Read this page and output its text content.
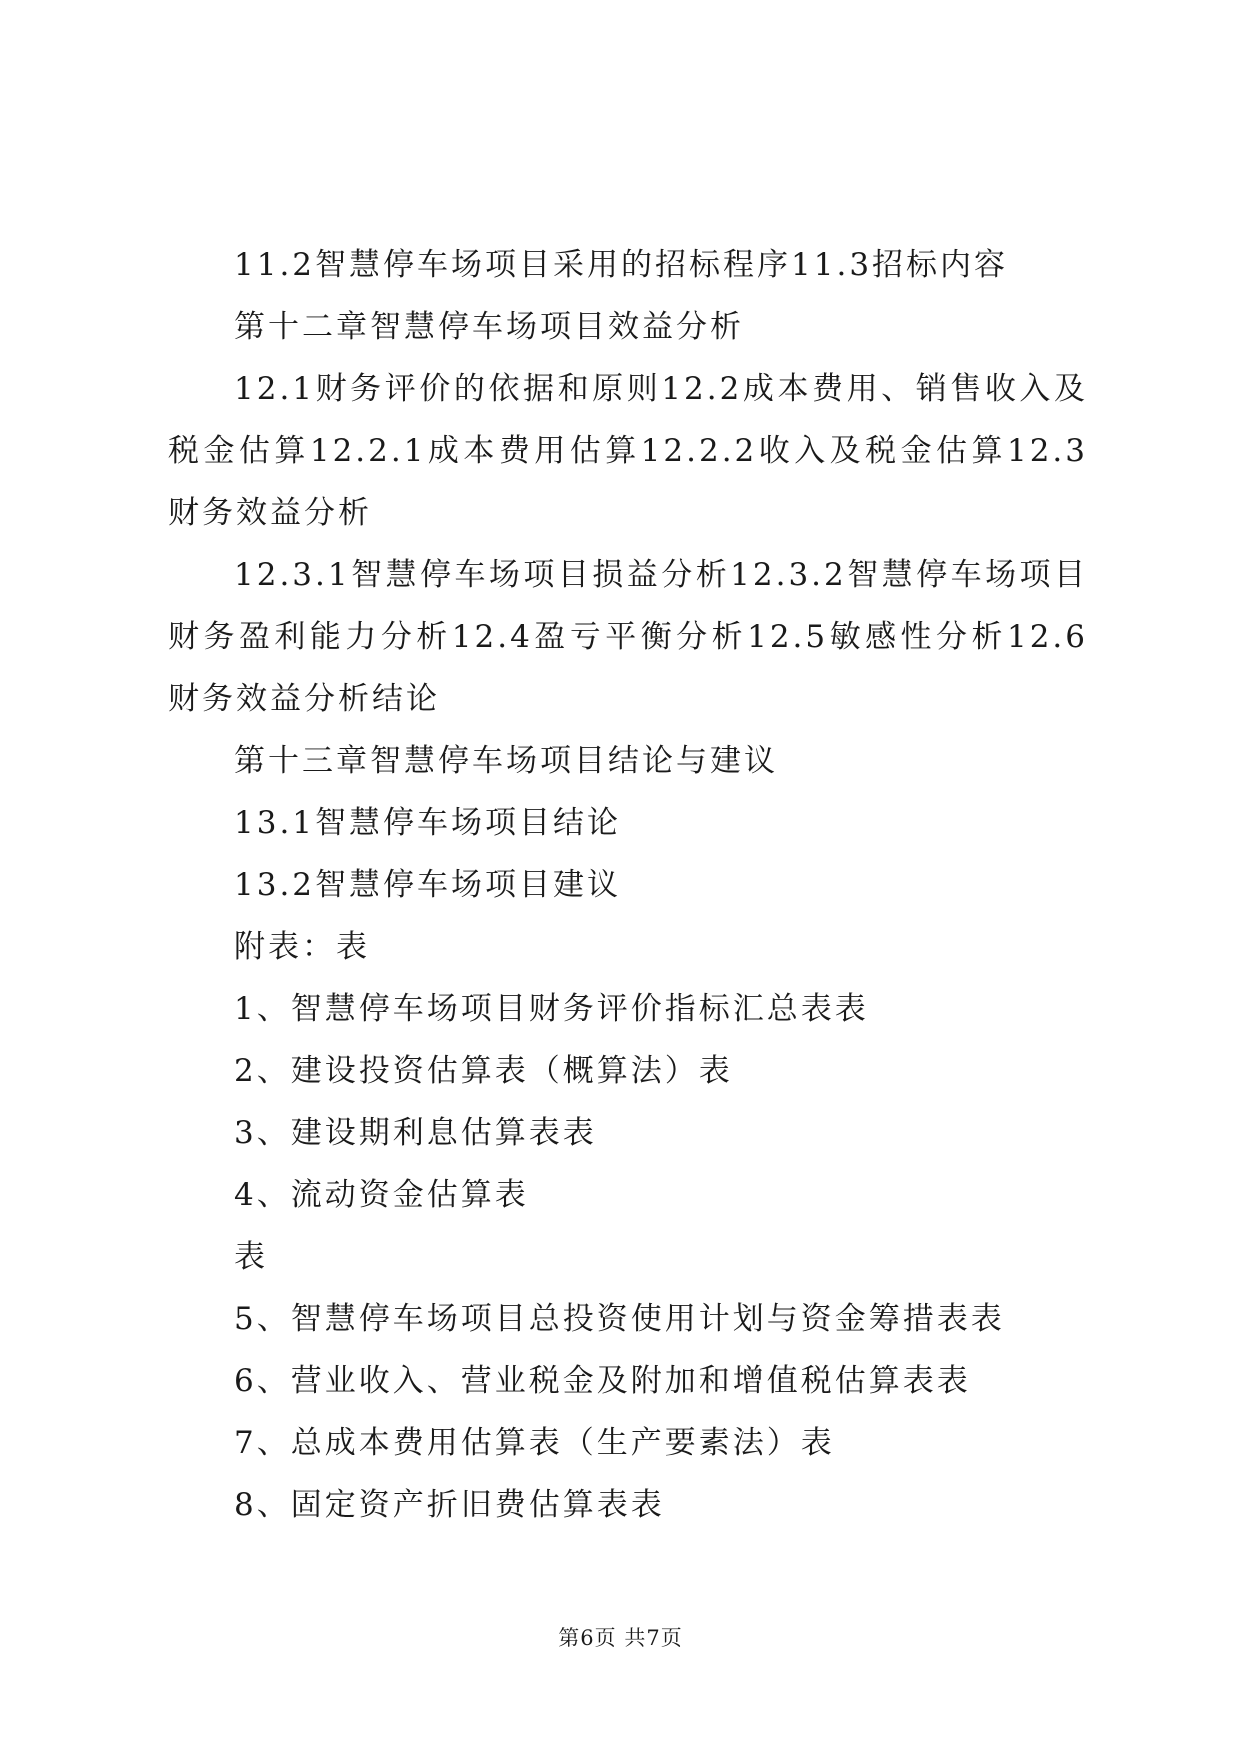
11.2智慧停车场项目采用的招标程序11.3招标内容

第十二章智慧停车场项目效益分析

12.1财务评价的依据和原则12.2成本费用、销售收入及税金估算12.2.1成本费用估算12.2.2收入及税金估算12.3财务效益分析

12.3.1智慧停车场项目损益分析12.3.2智慧停车场项目财务盈利能力分析12.4盈亏平衡分析12.5敏感性分析12.6财务效益分析结论

第十三章智慧停车场项目结论与建议

13.1智慧停车场项目结论

13.2智慧停车场项目建议

附表：表

1、智慧停车场项目财务评价指标汇总表表

2、建设投资估算表（概算法）表

3、建设期利息估算表表

4、流动资金估算表

表

5、智慧停车场项目总投资使用计划与资金筹措表表

6、营业收入、营业税金及附加和增值税估算表表

7、总成本费用估算表（生产要素法）表

8、固定资产折旧费估算表表

第6页 共7页
